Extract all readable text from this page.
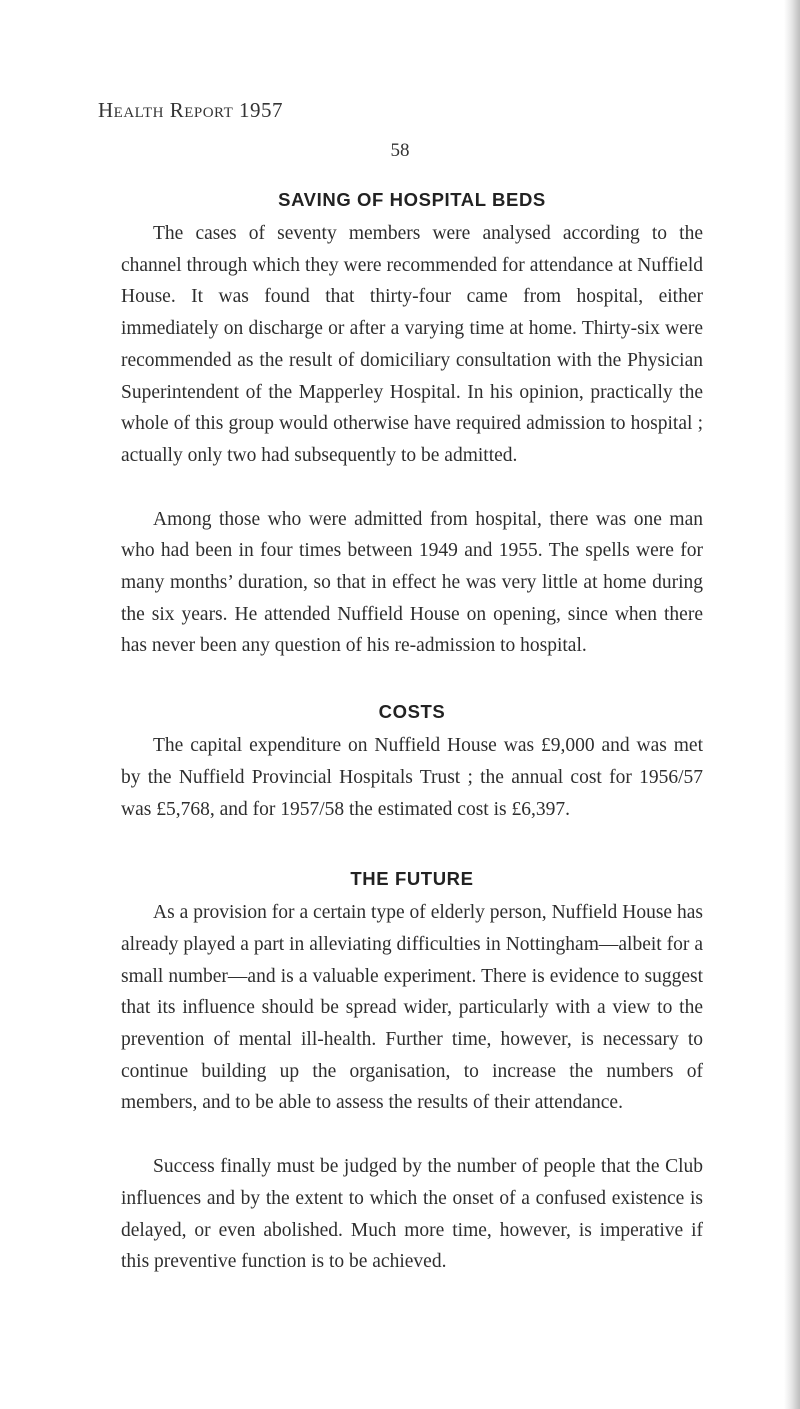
Health Report 1957
58
SAVING OF HOSPITAL BEDS

The cases of seventy members were analysed according to the channel through which they were recommended for attendance at Nuffield House. It was found that thirty-four came from hospital, either immediately on discharge or after a varying time at home. Thirty-six were recommended as the result of domiciliary consultation with the Physician Superintendent of the Mapperley Hospital. In his opinion, practically the whole of this group would otherwise have required admission to hospital ; actually only two had subsequently to be admitted.

Among those who were admitted from hospital, there was one man who had been in four times between 1949 and 1955. The spells were for many months’ duration, so that in effect he was very little at home during the six years. He attended Nuffield House on opening, since when there has never been any question of his re-admission to hospital.

COSTS

The capital expenditure on Nuffield House was £9,000 and was met by the Nuffield Provincial Hospitals Trust ; the annual cost for 1956/57 was £5,768, and for 1957/58 the estimated cost is £6,397.

THE FUTURE

As a provision for a certain type of elderly person, Nuffield House has already played a part in alleviating difficulties in Nottingham—albeit for a small number—and is a valuable experiment. There is evidence to suggest that its influence should be spread wider, particularly with a view to the prevention of mental ill-health. Further time, however, is necessary to continue building up the organisation, to increase the numbers of members, and to be able to assess the results of their attendance.

Success finally must be judged by the number of people that the Club influences and by the extent to which the onset of a confused existence is delayed, or even abolished. Much more time, however, is imperative if this preventive function is to be achieved.
